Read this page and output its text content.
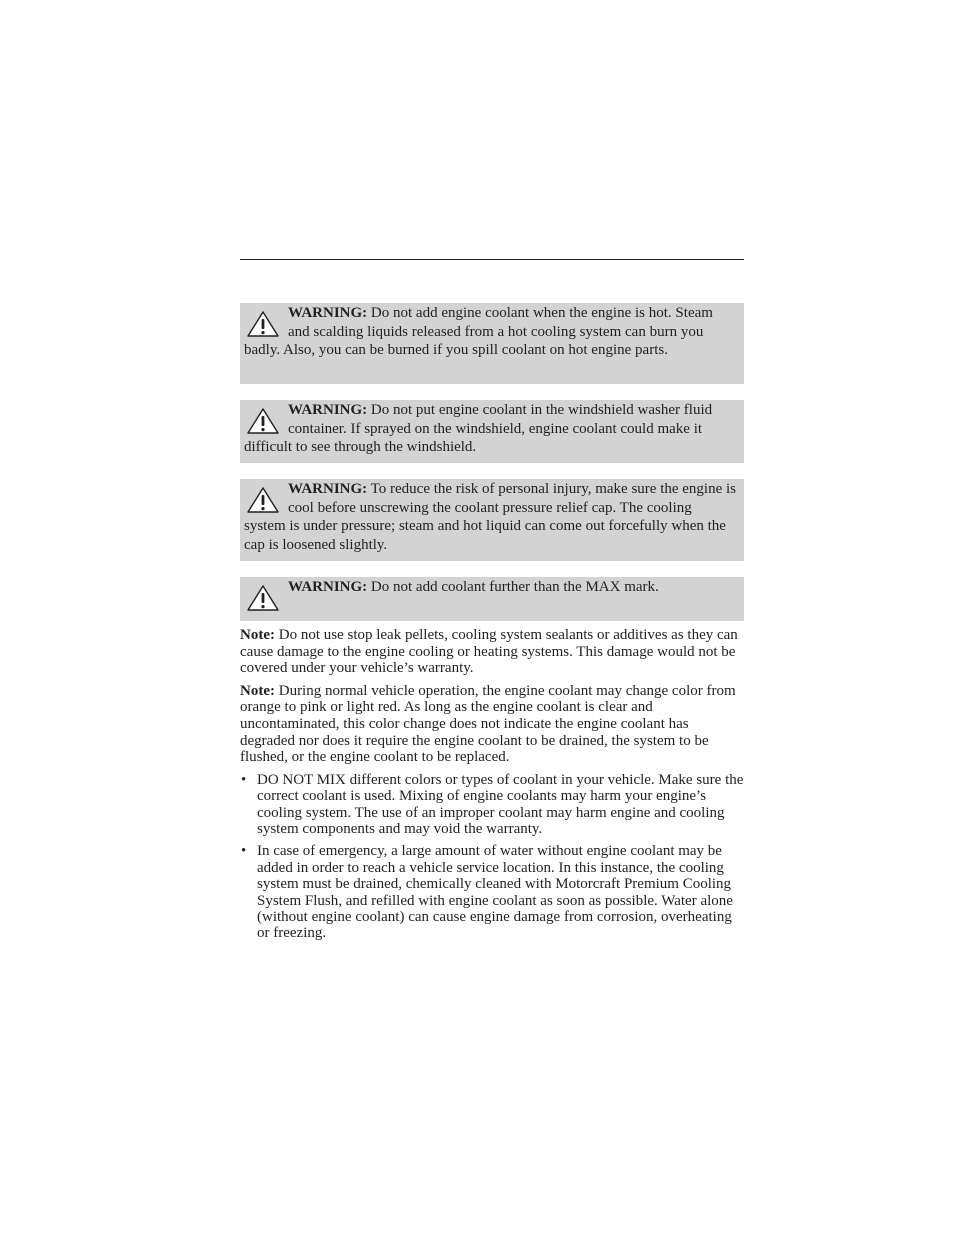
WARNING: Do not add engine coolant when the engine is hot. Steam and scalding liquids released from a hot cooling system can burn you badly. Also, you can be burned if you spill coolant on hot engine parts.
WARNING: Do not put engine coolant in the windshield washer fluid container. If sprayed on the windshield, engine coolant could make it difficult to see through the windshield.
WARNING: To reduce the risk of personal injury, make sure the engine is cool before unscrewing the coolant pressure relief cap. The cooling system is under pressure; steam and hot liquid can come out forcefully when the cap is loosened slightly.
WARNING: Do not add coolant further than the MAX mark.

Note: Do not use stop leak pellets, cooling system sealants or additives as they can cause damage to the engine cooling or heating systems. This damage would not be covered under your vehicle’s warranty.

Note: During normal vehicle operation, the engine coolant may change color from orange to pink or light red. As long as the engine coolant is clear and uncontaminated, this color change does not indicate the engine coolant has degraded nor does it require the engine coolant to be drained, the system to be flushed, or the engine coolant to be replaced.

• DO NOT MIX different colors or types of coolant in your vehicle. Make sure the correct coolant is used. Mixing of engine coolants may harm your engine’s cooling system. The use of an improper coolant may harm engine and cooling system components and may void the warranty.
• In case of emergency, a large amount of water without engine coolant may be added in order to reach a vehicle service location. In this instance, the cooling system must be drained, chemically cleaned with Motorcraft Premium Cooling System Flush, and refilled with engine coolant as soon as possible. Water alone (without engine coolant) can cause engine damage from corrosion, overheating or freezing.
